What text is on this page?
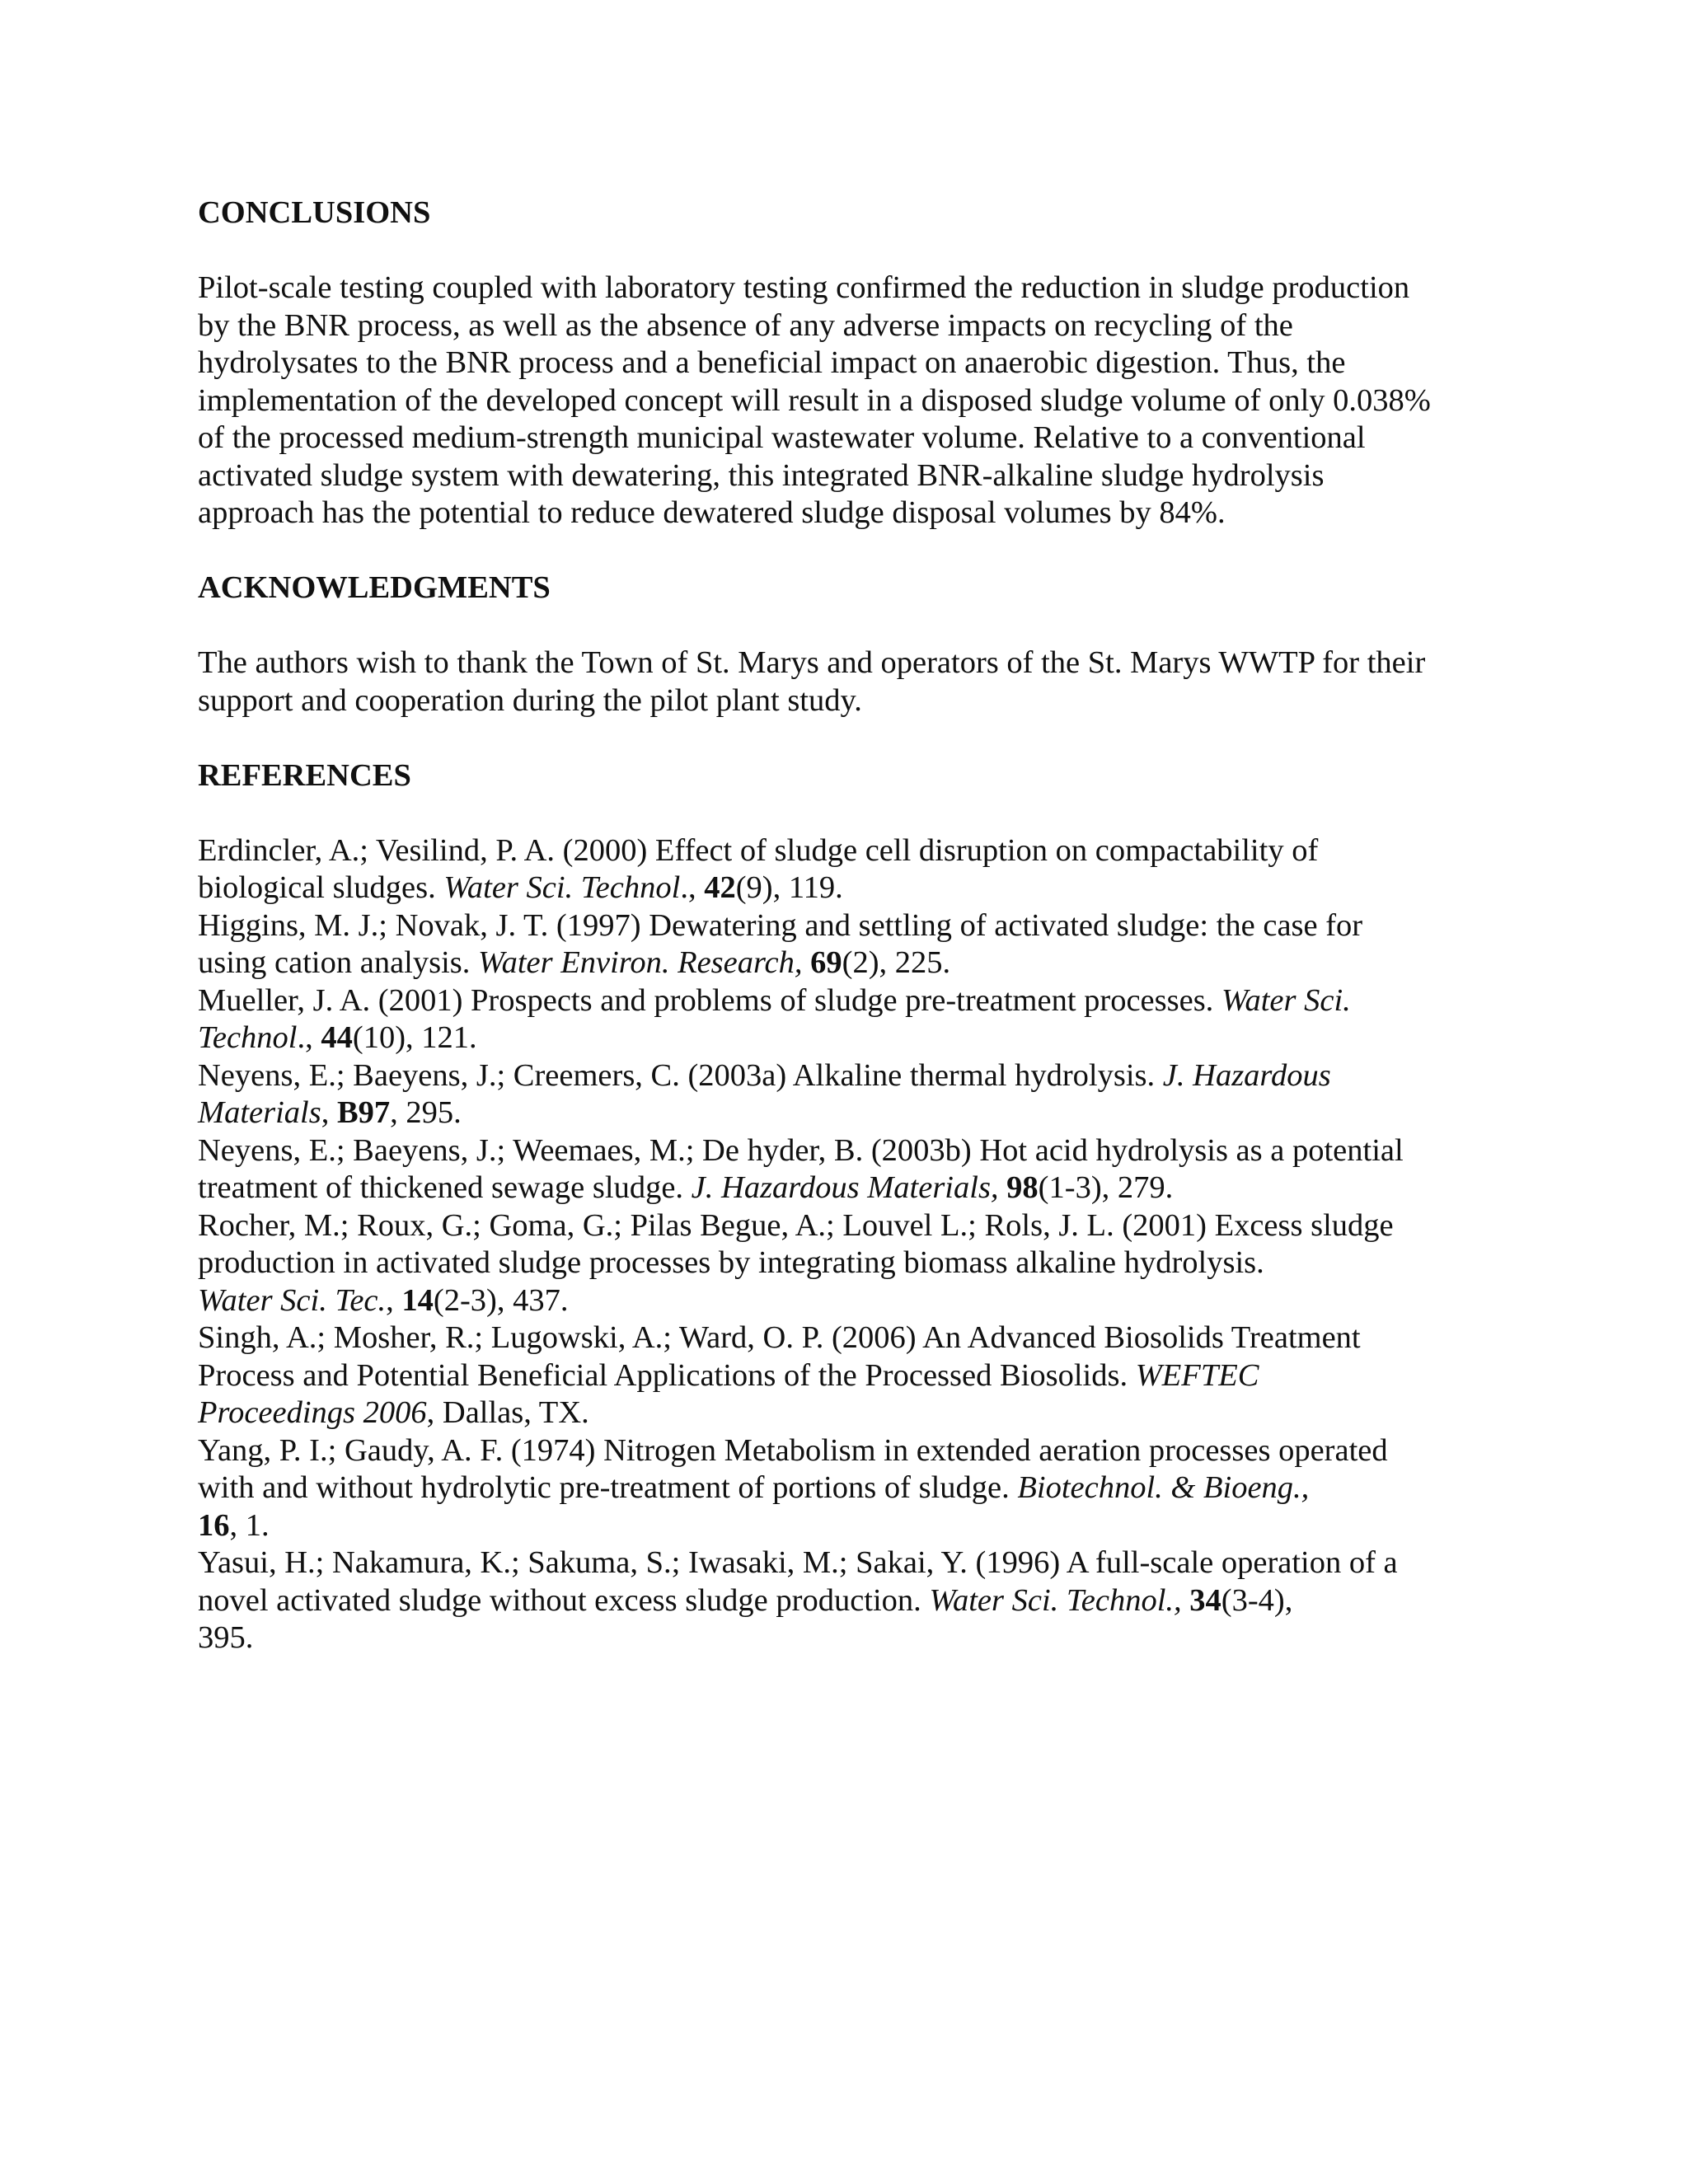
CONCLUSIONS
Pilot-scale testing coupled with laboratory testing confirmed the reduction in sludge production
by the BNR process, as well as the absence of any adverse impacts on recycling of the
hydrolysates to the BNR process and a beneficial impact on anaerobic digestion. Thus, the
implementation of the developed concept will result in a disposed sludge volume of only 0.038%
of the processed medium-strength municipal wastewater volume. Relative to a conventional
activated sludge system with dewatering, this integrated BNR-alkaline sludge hydrolysis
approach has the potential to reduce dewatered sludge disposal volumes by 84%.
ACKNOWLEDGMENTS
The authors wish to thank the Town of St. Marys and operators of the St. Marys WWTP for their
support and cooperation during the pilot plant study.
REFERENCES
Erdincler, A.; Vesilind, P. A. (2000) Effect of sludge cell disruption on compactability of
biological sludges. Water Sci. Technol., 42(9), 119.
Higgins, M. J.; Novak, J. T. (1997) Dewatering and settling of activated sludge: the case for
using cation analysis. Water Environ. Research, 69(2), 225.
Mueller, J. A. (2001) Prospects and problems of sludge pre-treatment processes. Water Sci.
Technol., 44(10), 121.
Neyens, E.; Baeyens, J.; Creemers, C. (2003a) Alkaline thermal hydrolysis. J. Hazardous
Materials, B97, 295.
Neyens, E.; Baeyens, J.; Weemaes, M.; De hyder, B. (2003b) Hot acid hydrolysis as a potential
treatment of thickened sewage sludge. J. Hazardous Materials, 98(1-3), 279.
Rocher, M.; Roux, G.; Goma, G.; Pilas Begue, A.; Louvel L.; Rols, J. L. (2001) Excess sludge
production in activated sludge processes by integrating biomass alkaline hydrolysis.
Water Sci. Tec., 14(2-3), 437.
Singh, A.; Mosher, R.; Lugowski, A.; Ward, O. P. (2006) An Advanced Biosolids Treatment
Process and Potential Beneficial Applications of the Processed Biosolids. WEFTEC
Proceedings 2006, Dallas, TX.
Yang, P. I.; Gaudy, A. F. (1974) Nitrogen Metabolism in extended aeration processes operated
with and without hydrolytic pre-treatment of portions of sludge. Biotechnol. & Bioeng.,
16, 1.
Yasui, H.; Nakamura, K.; Sakuma, S.; Iwasaki, M.; Sakai, Y. (1996) A full-scale operation of a
novel activated sludge without excess sludge production. Water Sci. Technol., 34(3-4),
395.
